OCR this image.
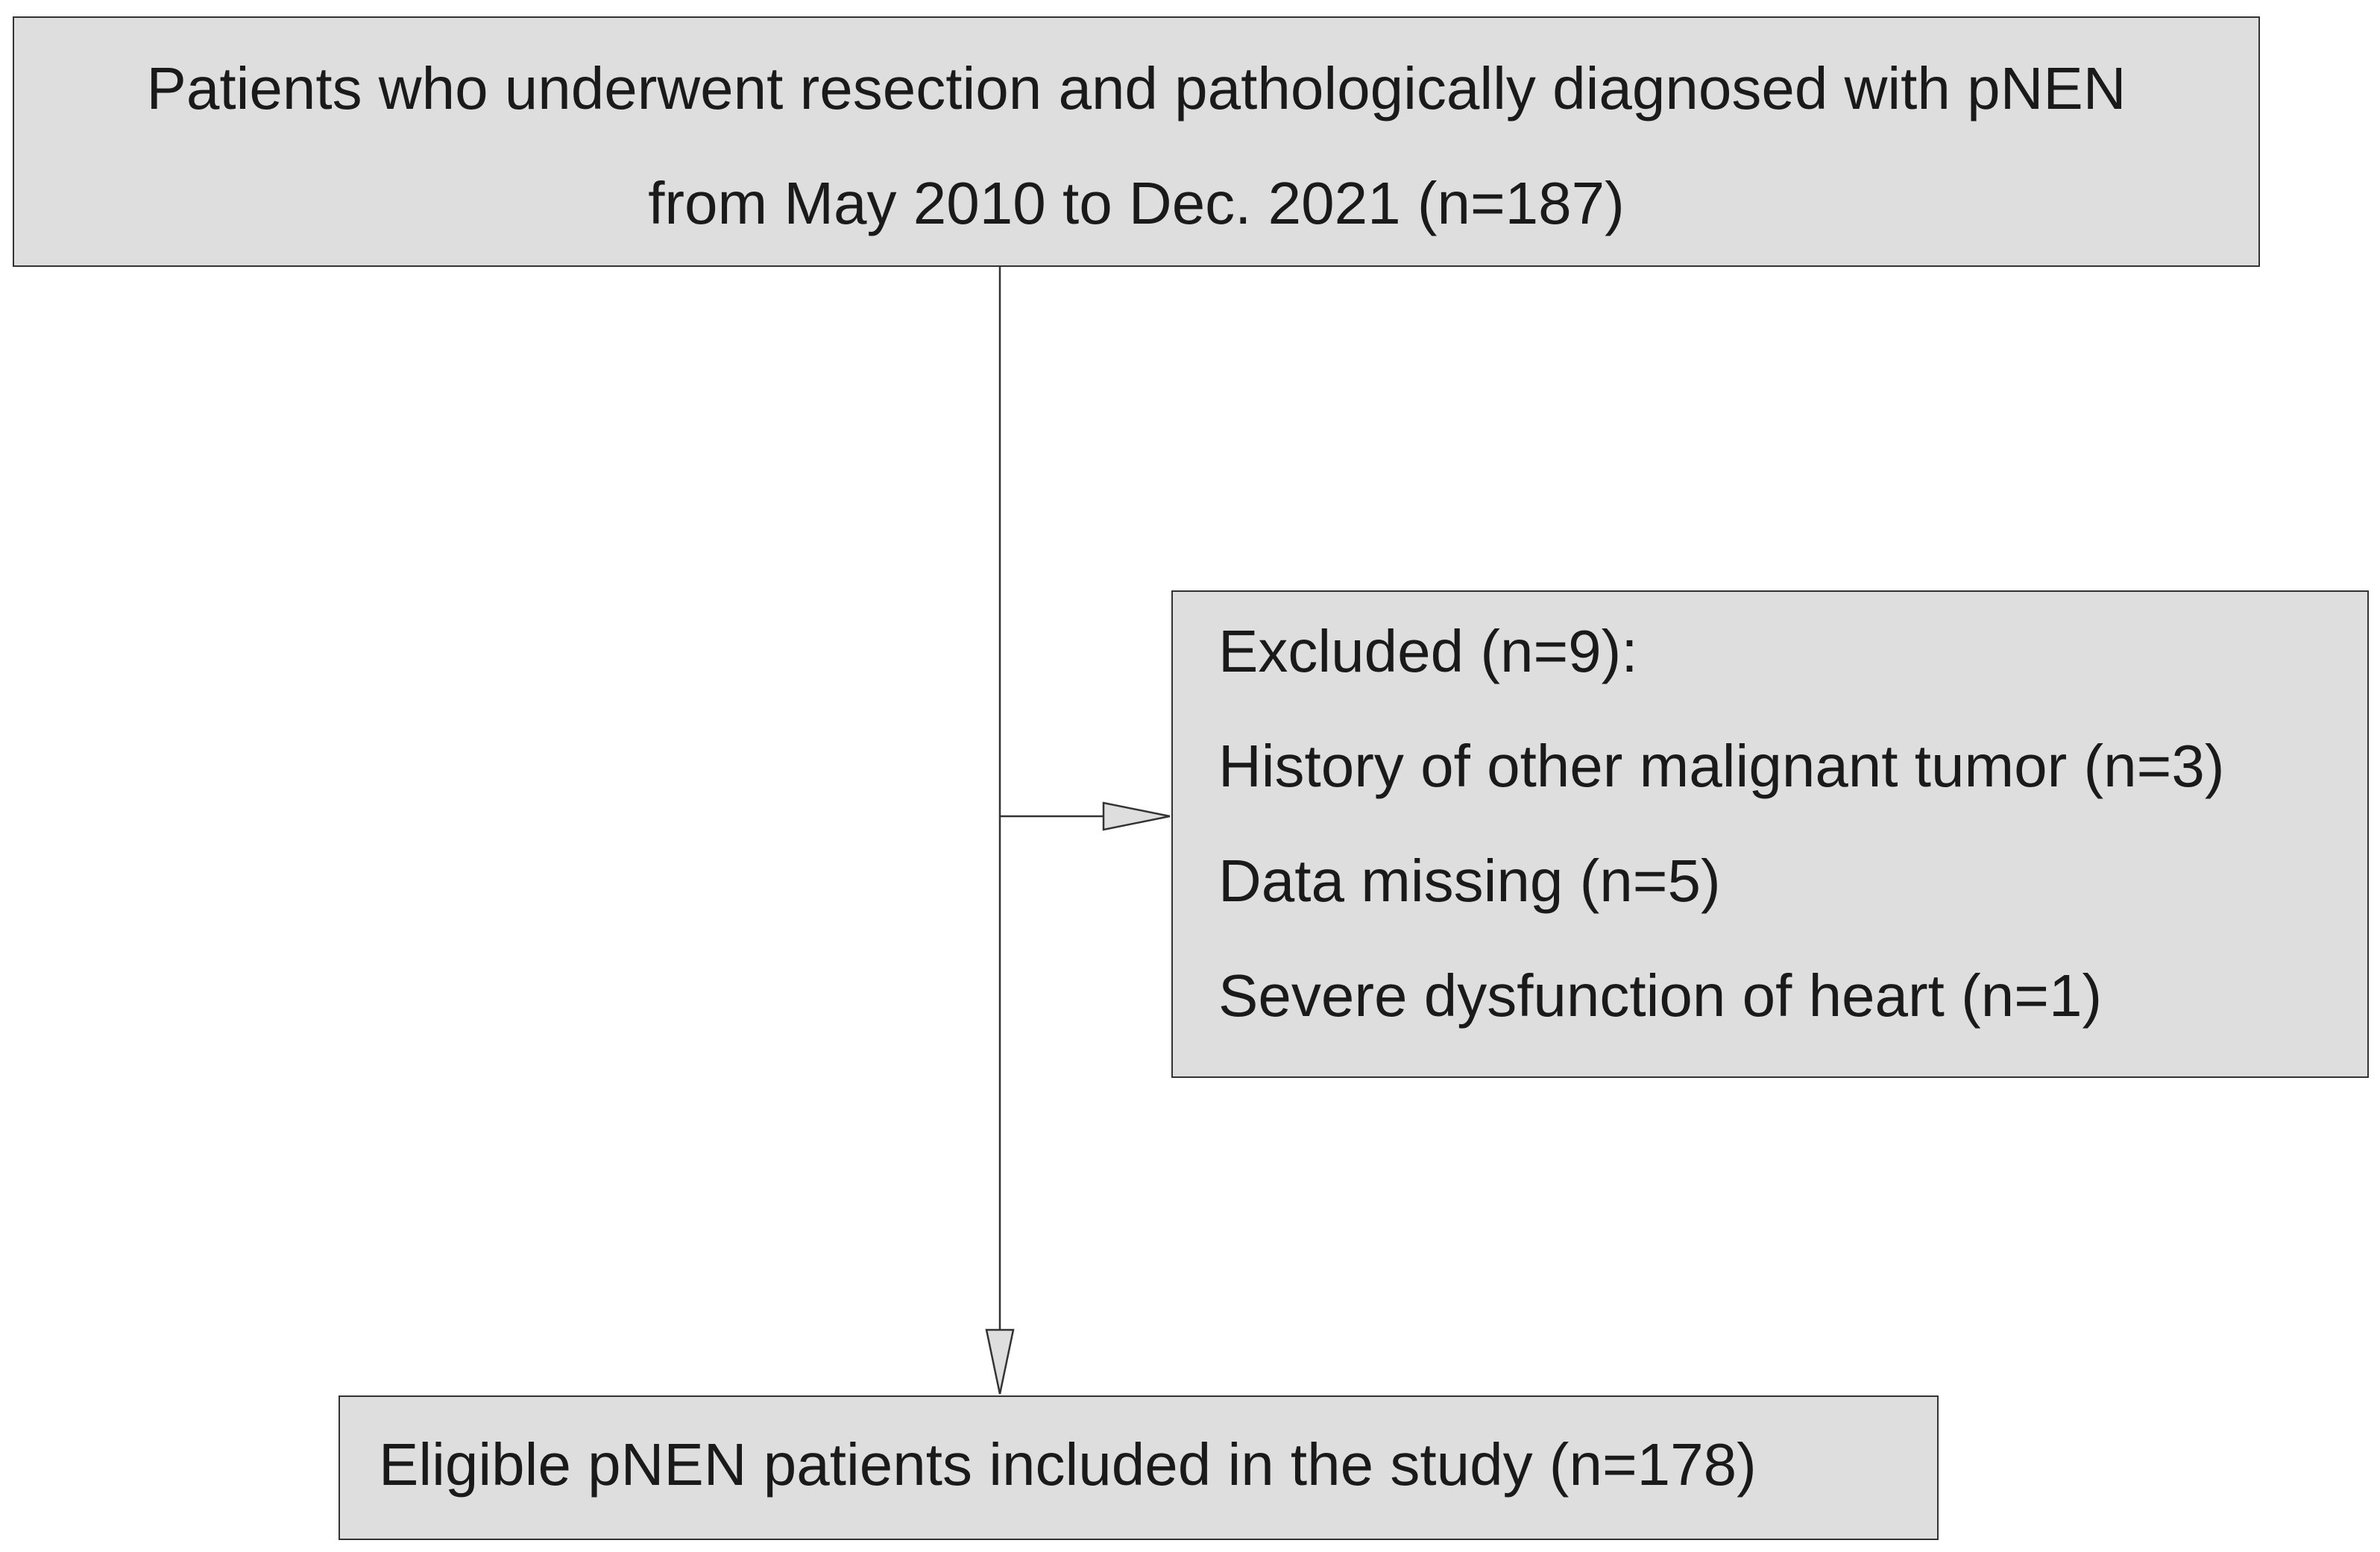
Patients who underwent resection and pathologically diagnosed with pNEN
from May 2010 to Dec. 2021 (n=187)
Excluded (n=9):
History of other malignant tumor (n=3)
Data missing (n=5)
Severe dysfunction of heart (n=1)
Eligible pNEN patients included in the study (n=178)
